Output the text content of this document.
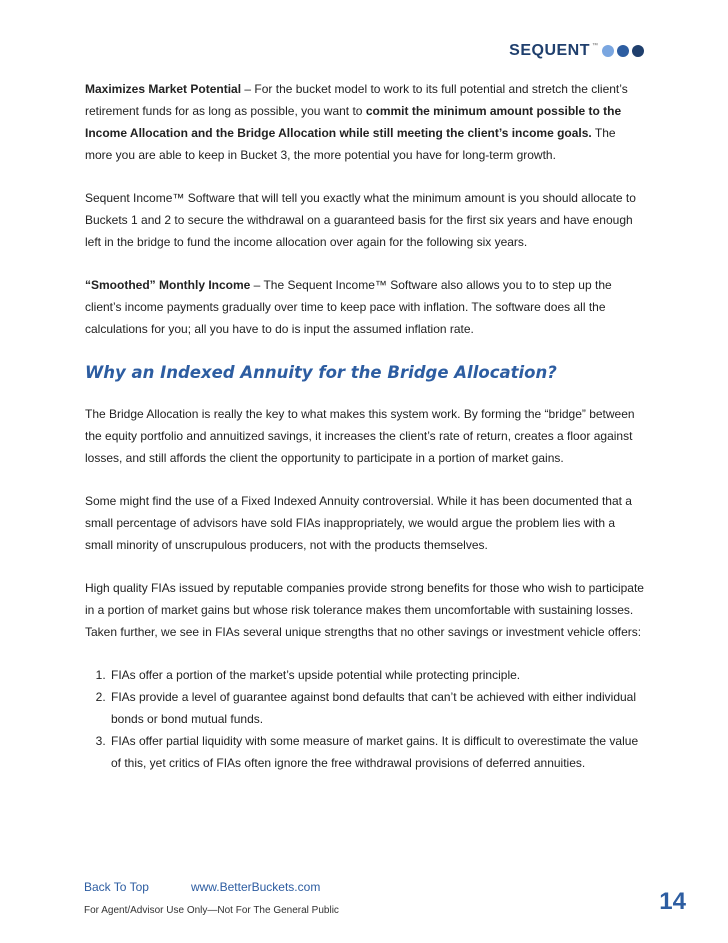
SEQUENT ™

Maximizes Market Potential – For the bucket model to work to its full potential and stretch the client’s retirement funds for as long as possible, you want to commit the minimum amount possible to the Income Allocation and the Bridge Allocation while still meeting the client’s income goals. The more you are able to keep in Bucket 3, the more potential you have for long-term growth.

Sequent Income™ Software that will tell you exactly what the minimum amount is you should allocate to Buckets 1 and 2 to secure the withdrawal on a guaranteed basis for the first six years and have enough left in the bridge to fund the income allocation over again for the following six years.

“Smoothed” Monthly Income – The Sequent Income™ Software also allows you to to step up the client’s income payments gradually over time to keep pace with inflation. The software does all the calculations for you; all you have to do is input the assumed inflation rate.

Why an Indexed Annuity for the Bridge Allocation?

The Bridge Allocation is really the key to what makes this system work. By forming the “bridge” between the equity portfolio and annuitized savings, it increases the client’s rate of return, creates a floor against losses, and still affords the client the opportunity to participate in a portion of market gains.

Some might find the use of a Fixed Indexed Annuity controversial. While it has been documented that a small percentage of advisors have sold FIAs inappropriately, we would argue the problem lies with a small minority of unscrupulous producers, not with the products themselves.

High quality FIAs issued by reputable companies provide strong benefits for those who wish to participate in a portion of market gains but whose risk tolerance makes them uncomfortable with sustaining losses. Taken further, we see in FIAs several unique strengths that no other savings or investment vehicle offers:

1. FIAs offer a portion of the market’s upside potential while protecting principle.
2. FIAs provide a level of guarantee against bond defaults that can’t be achieved with either individual bonds or bond mutual funds.
3. FIAs offer partial liquidity with some measure of market gains. It is difficult to overestimate the value of this, yet critics of FIAs often ignore the free withdrawal provisions of deferred annuities.
Back To Top	www.BetterBuckets.com
For Agent/Advisor Use Only—Not For The General Public	14
